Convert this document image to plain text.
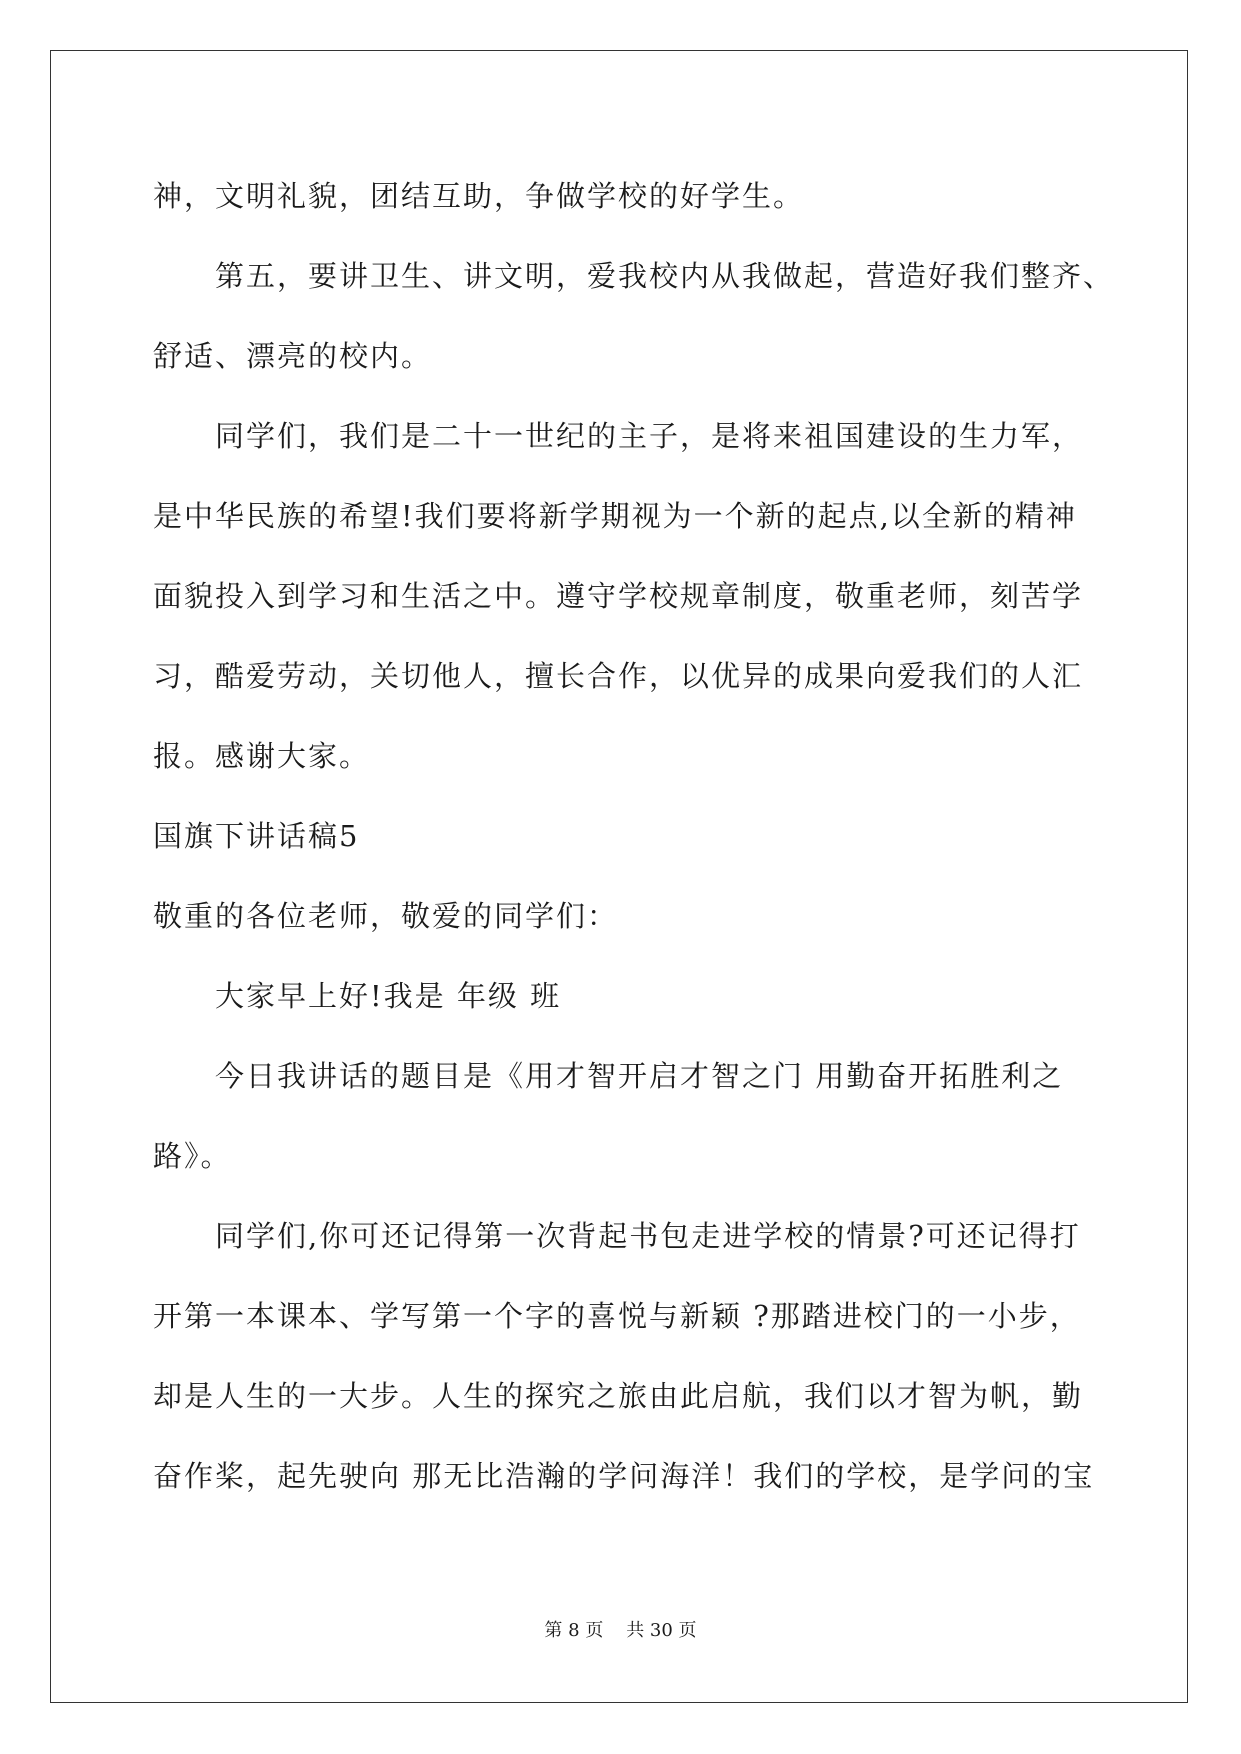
神，文明礼貌，团结互助，争做学校的好学生。

第五，要讲卫生、讲文明，爱我校内从我做起，营造好我们整齐、

舒适、漂亮的校内。

同学们，我们是二十一世纪的主子，是将来祖国建设的生力军，

是中华民族的希望!我们要将新学期视为一个新的起点,以全新的精神

面貌投入到学习和生活之中。遵守学校规章制度，敬重老师，刻苦学

习，酷爱劳动，关切他人，擅长合作，以优异的成果向爱我们的人汇

报。感谢大家。

国旗下讲话稿5

敬重的各位老师，敬爱的同学们：

大家早上好!我是 年级 班

今日我讲话的题目是《用才智开启才智之门 用勤奋开拓胜利之

路》。

同学们,你可还记得第一次背起书包走进学校的情景?可还记得打

开第一本课本、学写第一个字的喜悦与新颖 ?那踏进校门的一小步，

却是人生的一大步。人生的探究之旅由此启航，我们以才智为帆，勤

奋作桨，起先驶向 那无比浩瀚的学问海洋！我们的学校，是学问的宝

第 8 页    共 30 页
